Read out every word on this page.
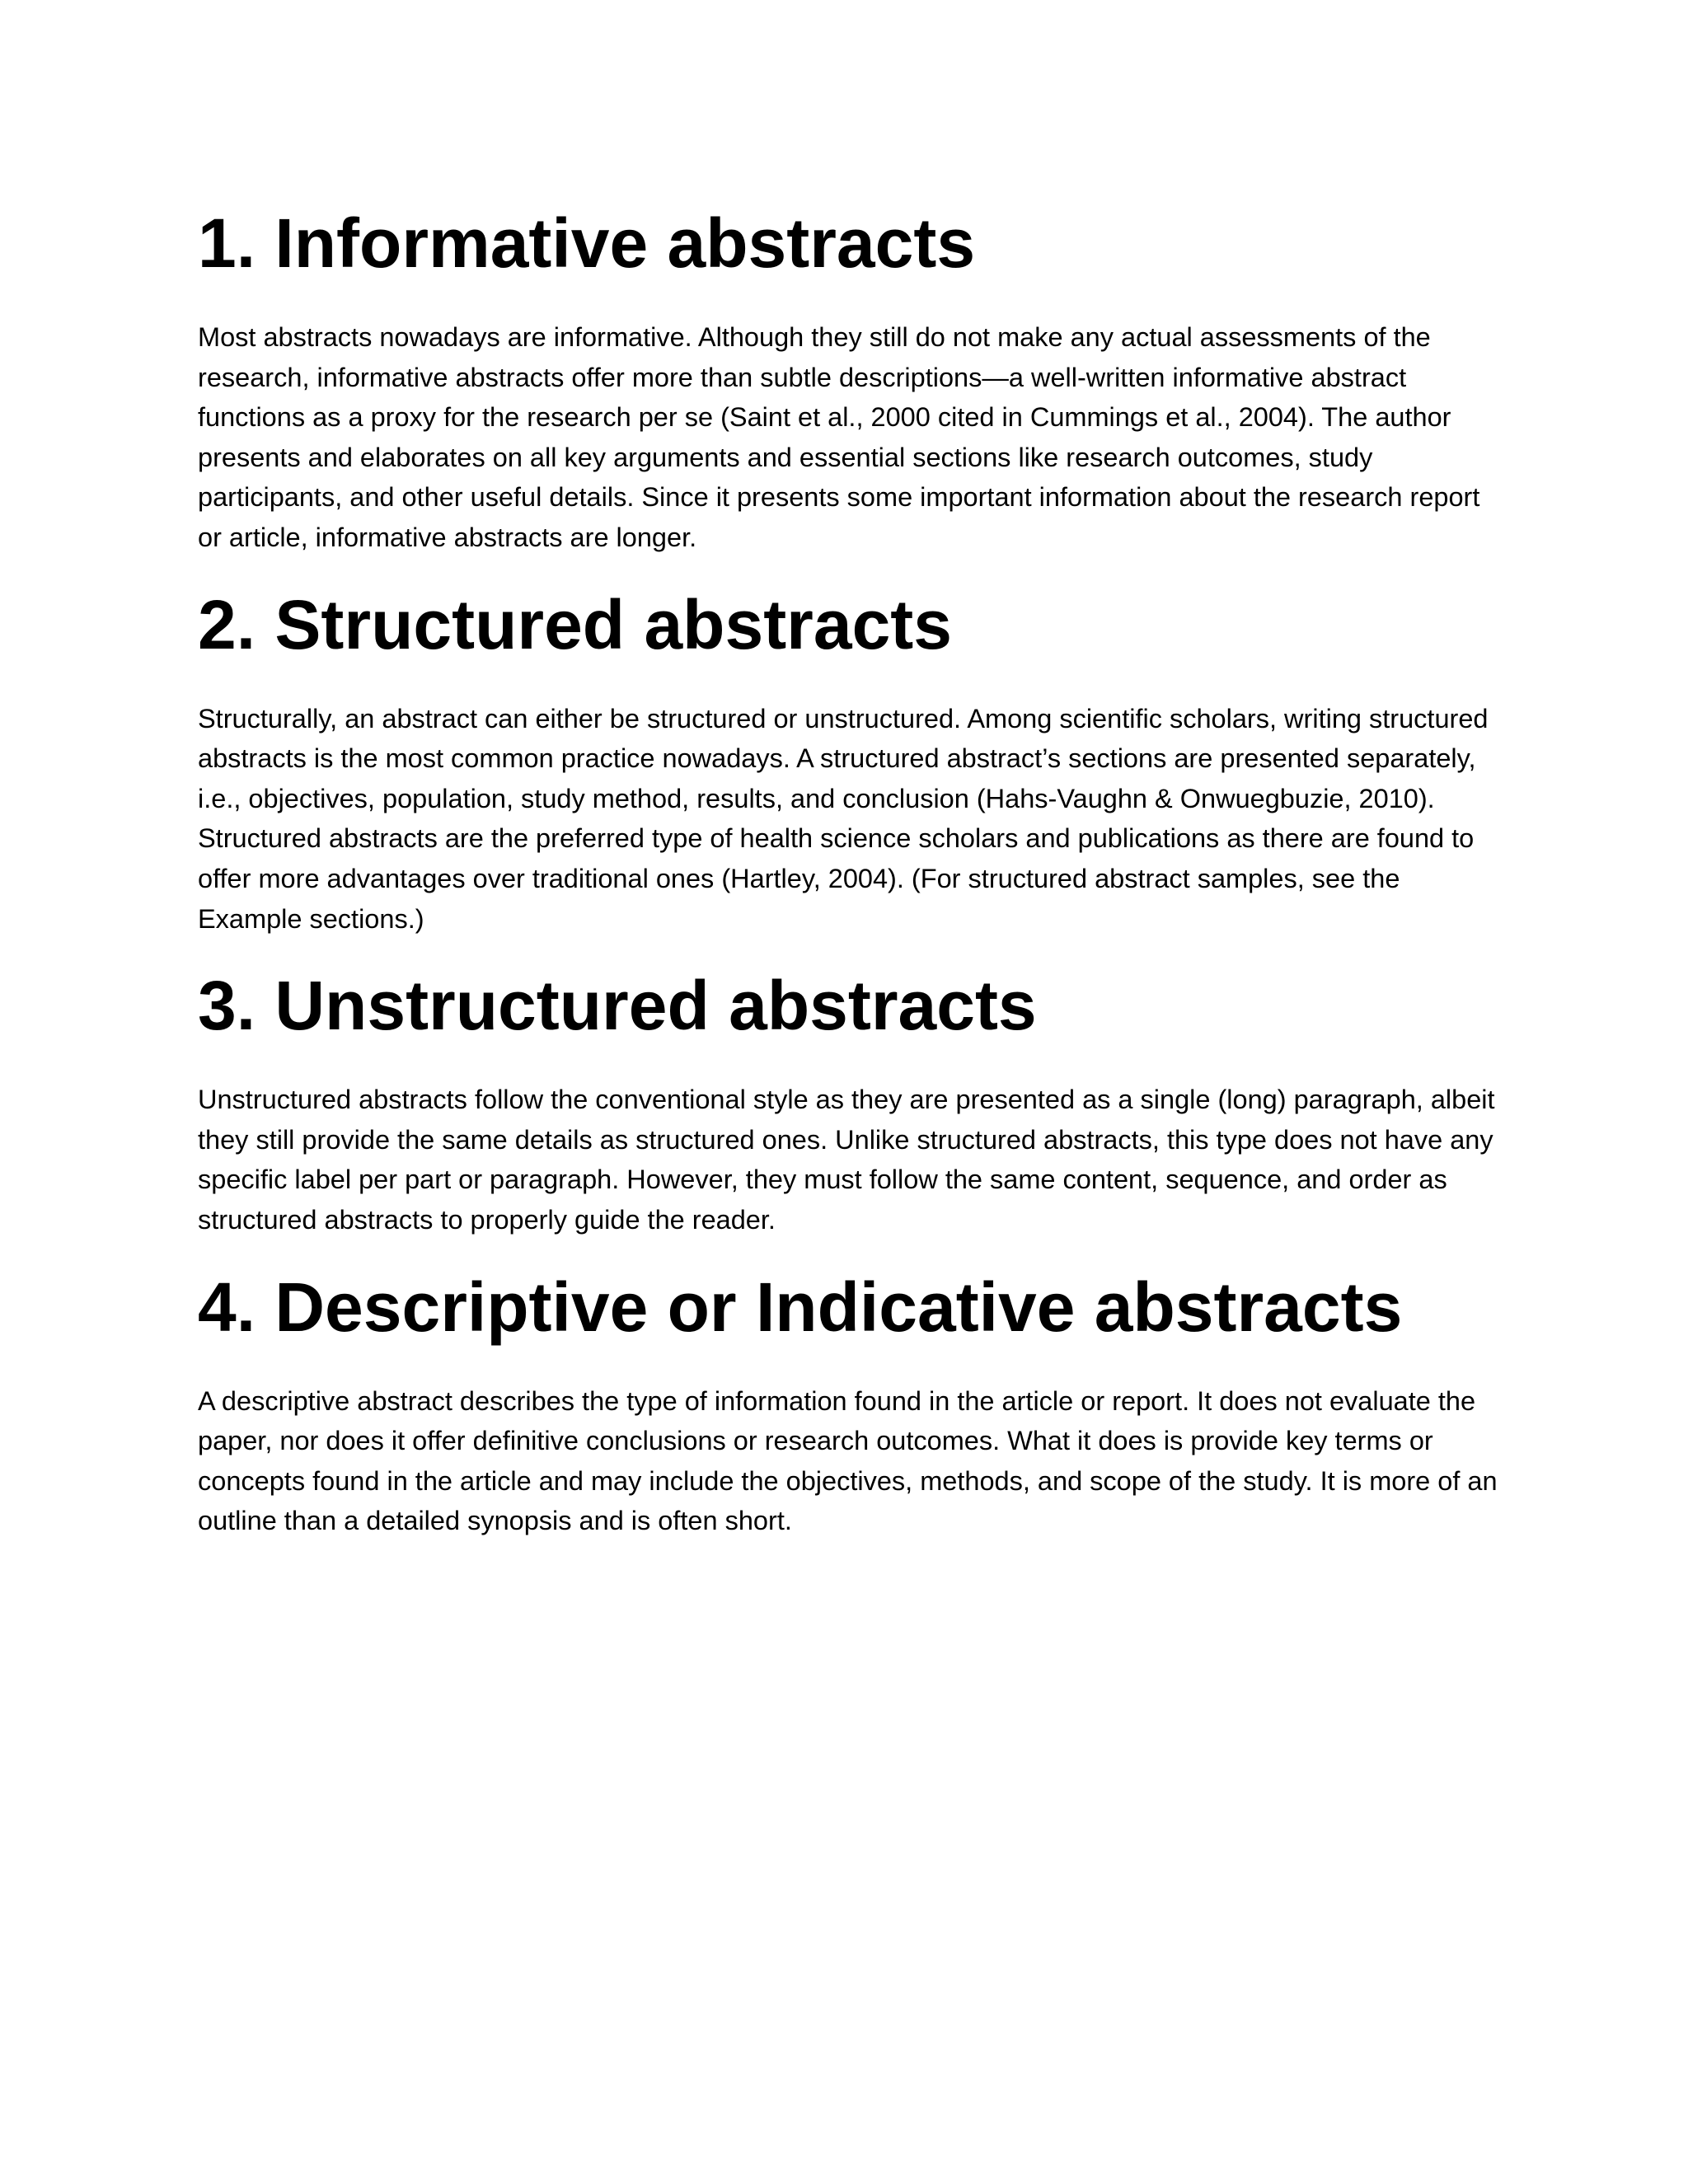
1. Informative abstracts

Most abstracts nowadays are informative. Although they still do not make any actual assessments of the research, informative abstracts offer more than subtle descriptions—a well-written informative abstract functions as a proxy for the research per se (Saint et al., 2000 cited in Cummings et al., 2004). The author presents and elaborates on all key arguments and essential sections like research outcomes, study participants, and other useful details. Since it presents some important information about the research report or article, informative abstracts are longer.

2. Structured abstracts

Structurally, an abstract can either be structured or unstructured. Among scientific scholars, writing structured abstracts is the most common practice nowadays. A structured abstract’s sections are presented separately, i.e., objectives, population, study method, results, and conclusion (Hahs-Vaughn & Onwuegbuzie, 2010). Structured abstracts are the preferred type of health science scholars and publications as there are found to offer more advantages over traditional ones (Hartley, 2004). (For structured abstract samples, see the Example sections.)

3. Unstructured abstracts

Unstructured abstracts follow the conventional style as they are presented as a single (long) paragraph, albeit they still provide the same details as structured ones. Unlike structured abstracts, this type does not have any specific label per part or paragraph. However, they must follow the same content, sequence, and order as structured abstracts to properly guide the reader.

4. Descriptive or Indicative abstracts

A descriptive abstract describes the type of information found in the article or report. It does not evaluate the paper, nor does it offer definitive conclusions or research outcomes. What it does is provide key terms or concepts found in the article and may include the objectives, methods, and scope of the study. It is more of an outline than a detailed synopsis and is often short.
